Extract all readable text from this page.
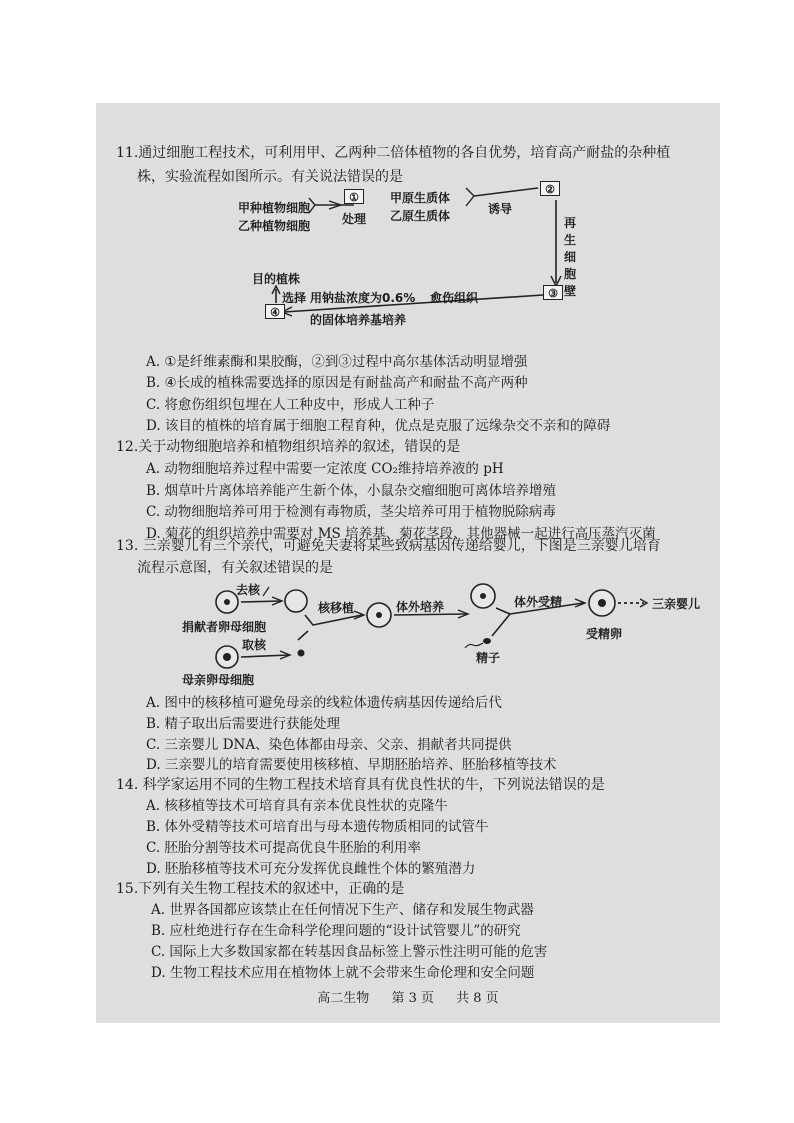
11.通过细胞工程技术，可利用甲、乙两种二倍体植物的各自优势，培育高产耐盐的杂种植
株，实验流程如图所示。有关说法错误的是
甲种植物细胞
乙种植物细胞
①
处理
甲原生质体
乙原生质体	诱导
②
再生细胞壁
③
愈伤组织
用钠盐浓度为0.6%
的固体培养基培养
④
选择
目的植株
A. ①是纤维素酶和果胶酶，②到③过程中高尔基体活动明显增强
B. ④长成的植株需要选择的原因是有耐盐高产和耐盐不高产两种
C. 将愈伤组织包埋在人工种皮中，形成人工种子
D. 该目的植株的培育属于细胞工程育种，优点是克服了远缘杂交不亲和的障碍
12.关于动物细胞培养和植物组织培养的叙述，错误的是
A. 动物细胞培养过程中需要一定浓度 CO₂维持培养液的 pH
B. 烟草叶片离体培养能产生新个体，小鼠杂交瘤细胞可离体培养增殖
C. 动物细胞培养可用于检测有毒物质，茎尖培养可用于植物脱除病毒
D. 菊花的组织培养中需要对 MS 培养基、菊花茎段、其他器械一起进行高压蒸汽灭菌
13. 三亲婴儿有三个亲代，可避免夫妻将某些致病基因传递给婴儿，下图是三亲婴儿培育
流程示意图，有关叙述错误的是
去核
捐献者卵母细胞
取核
母亲卵母细胞
核移植	体外培养	体外受精
精子
受精卵
三亲婴儿
A. 图中的核移植可避免母亲的线粒体遗传病基因传递给后代
B. 精子取出后需要进行获能处理
C. 三亲婴儿 DNA、染色体都由母亲、父亲、捐献者共同提供
D. 三亲婴儿的培育需要使用核移植、早期胚胎培养、胚胎移植等技术
14. 科学家运用不同的生物工程技术培育具有优良性状的牛，下列说法错误的是
A. 核移植等技术可培育具有亲本优良性状的克隆牛
B. 体外受精等技术可培育出与母本遗传物质相同的试管牛
C. 胚胎分割等技术可提高优良牛胚胎的利用率
D. 胚胎移植等技术可充分发挥优良雌性个体的繁殖潜力
15.下列有关生物工程技术的叙述中，正确的是
A. 世界各国都应该禁止在任何情况下生产、储存和发展生物武器
B. 应杜绝进行存在生命科学伦理问题的“设计试管婴儿”的研究
C. 国际上大多数国家都在转基因食品标签上警示性注明可能的危害
D. 生物工程技术应用在植物体上就不会带来生命伦理和安全问题
高二生物 第 3 页 共 8 页
